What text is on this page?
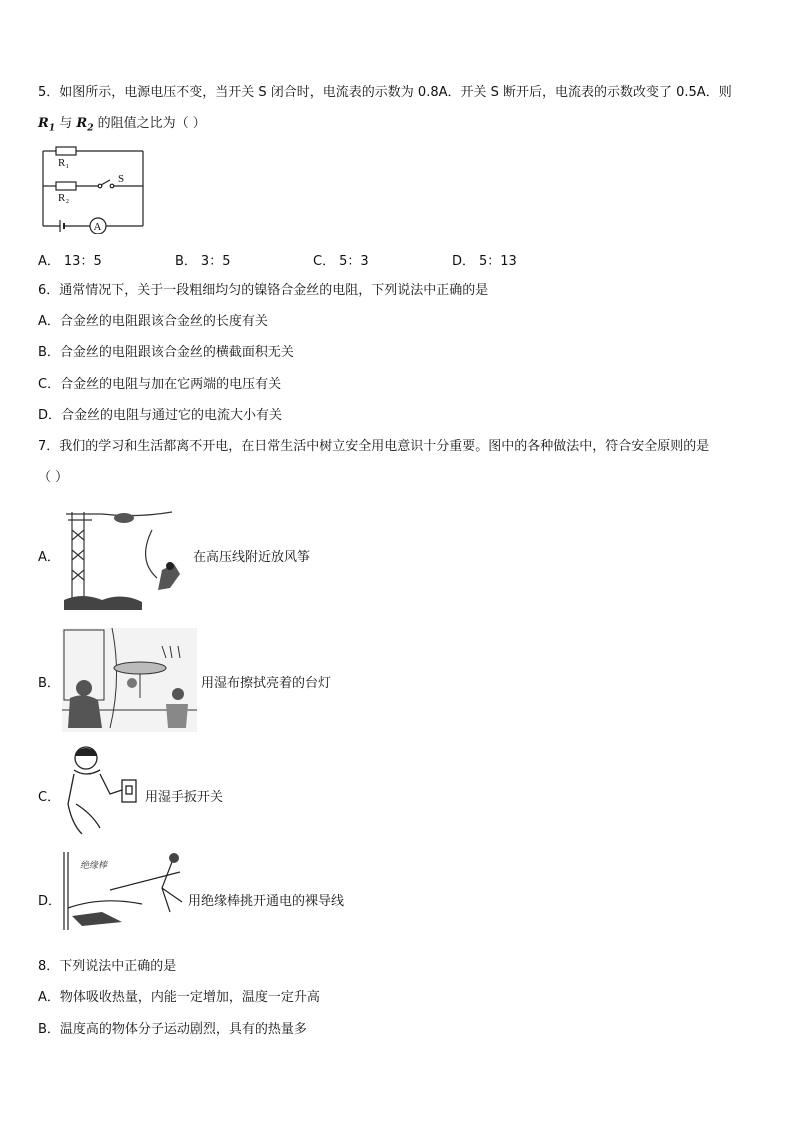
5．如图所示，电源电压不变，当开关 S 闭合时，电流表的示数为 0.8A．开关 S 断开后，电流表的示数改变了 0.5A．则
$R_1$ 与 $R_2$ 的阻值之比为（ ）
R₁
R₂
S
A
A． 13：5	B． 3：5	C． 5：3	D． 5：13
6．通常情况下，关于一段粗细均匀的镍铬合金丝的电阻，下列说法中正确的是
A．合金丝的电阻跟该合金丝的长度有关
B．合金丝的电阻跟该合金丝的横截面积无关
C．合金丝的电阻与加在它两端的电压有关
D．合金丝的电阻与通过它的电流大小有关
7．我们的学习和生活都离不开电，在日常生活中树立安全用电意识十分重要。图中的各种做法中，符合安全原则的是
（ ）
A．	在高压线附近放风筝
B．	用湿布擦拭亮着的台灯
C．	用湿手扳开关
D．
绝缘棒
用绝缘棒挑开通电的裸导线
8．下列说法中正确的是
A．物体吸收热量，内能一定增加，温度一定升高
B．温度高的物体分子运动剧烈，具有的热量多
